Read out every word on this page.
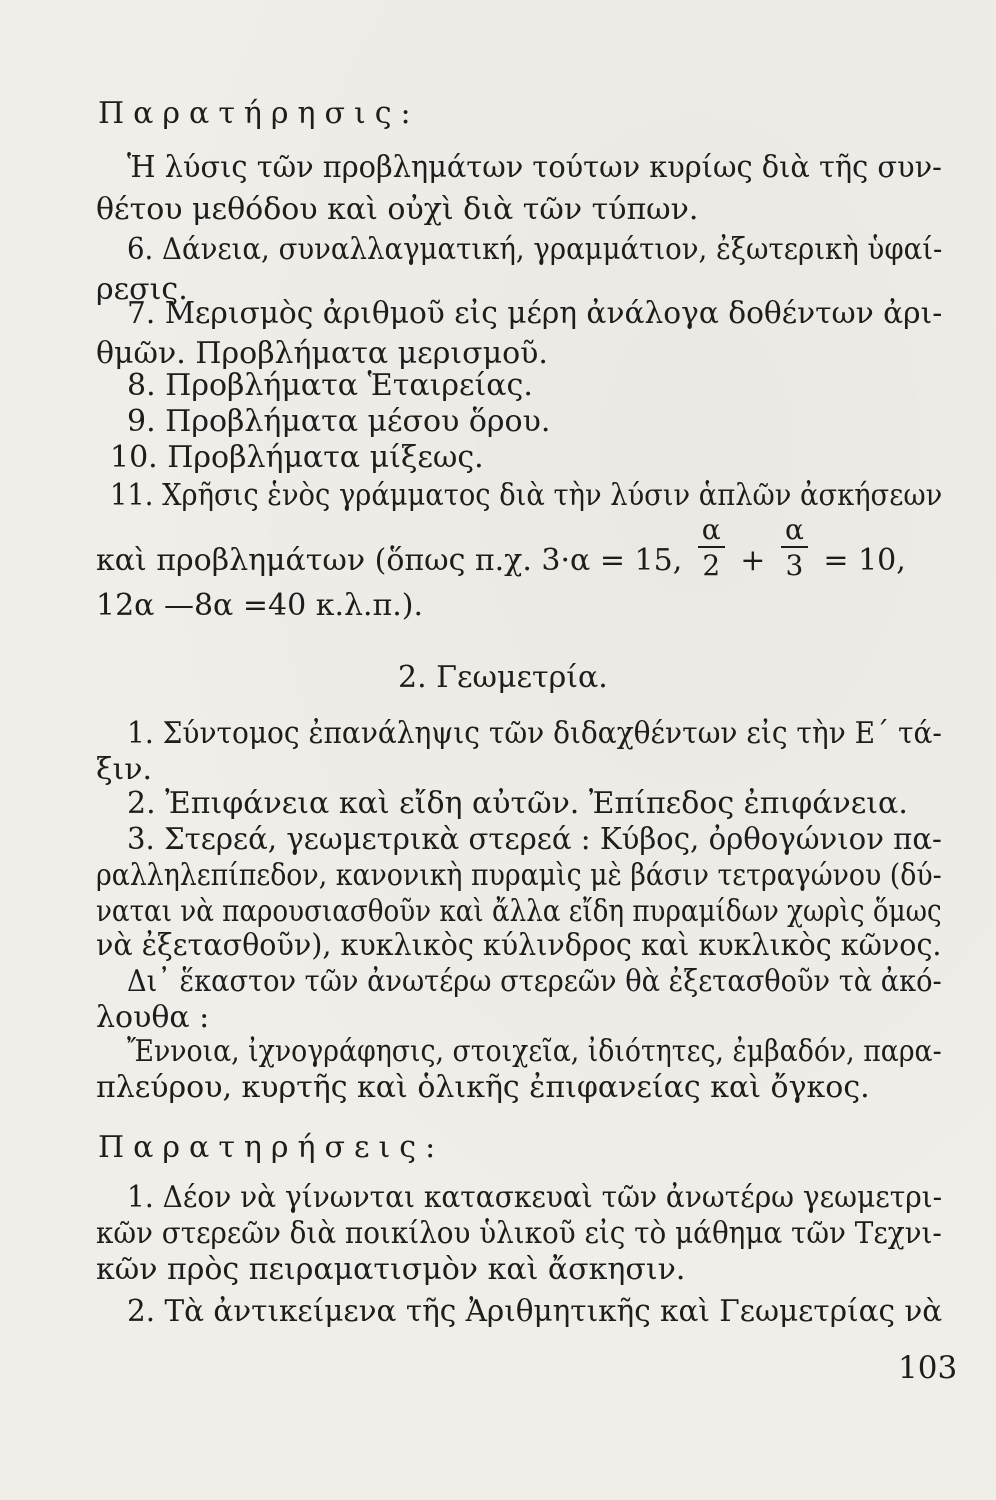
Παρατήρησις:
Ἡ λύσις τῶν προβλημάτων τούτων κυρίως διὰ τῆς συν-
θέτου μεθόδου καὶ οὐχὶ διὰ τῶν τύπων.
6. Δάνεια, συναλλαγματική, γραμμάτιον, ἐξωτερικὴ ὑφαί-
ρεσις.
7. Μερισμὸς ἀριθμοῦ εἰς μέρη ἀνάλογα δοθέντων ἀρι-
θμῶν. Προβλήματα μερισμοῦ.
8. Προβλήματα Ἑταιρείας.
9. Προβλήματα μέσου ὅρου.
10. Προβλήματα μίξεως.
11. Χρῆσις ἑνὸς γράμματος διὰ τὴν λύσιν ἁπλῶν ἀσκήσεων
καὶ προβλημάτων (ὅπως π.χ. 3·α = 15, $\frac{\alpha}{2} + \frac{\alpha}{3} = 10$,
12α —8α =40 κ.λ.π.).
2. Γεωμετρία.
1. Σύντομος ἐπανάληψις τῶν διδαχθέντων εἰς τὴν Ε΄ τά-
ξιν.
2. Ἐπιφάνεια καὶ εἴδη αὐτῶν. Ἐπίπεδος ἐπιφάνεια.
3. Στερεά, γεωμετρικὰ στερεά : Κύβος, ὀρθογώνιον πα-
ραλληλεπίπεδον, κανονικὴ πυραμὶς μὲ βάσιν τετραγώνου (δύ-
ναται νὰ παρουσιασθοῦν καὶ ἄλλα εἴδη πυραμίδων χωρὶς ὅμως
νὰ ἐξετασθοῦν), κυκλικὸς κύλινδρος καὶ κυκλικὸς κῶνος.
Δι᾽ ἕκαστον τῶν ἀνωτέρω στερεῶν θὰ ἐξετασθοῦν τὰ ἀκό-
λουθα :
Ἔννοια, ἰχνογράφησις, στοιχεῖα, ἰδιότητες, ἐμβαδόν, παρα-
πλεύρου, κυρτῆς καὶ ὁλικῆς ἐπιφανείας καὶ ὄγκος.
Παρατηρήσεις:
1. Δέον νὰ γίνωνται κατασκευαὶ τῶν ἀνωτέρω γεωμετρι-
κῶν στερεῶν διὰ ποικίλου ὑλικοῦ εἰς τὸ μάθημα τῶν Τεχνι-
κῶν πρὸς πειραματισμὸν καὶ ἄσκησιν.
2. Τὰ ἀντικείμενα τῆς Ἀριθμητικῆς καὶ Γεωμετρίας νὰ
103
